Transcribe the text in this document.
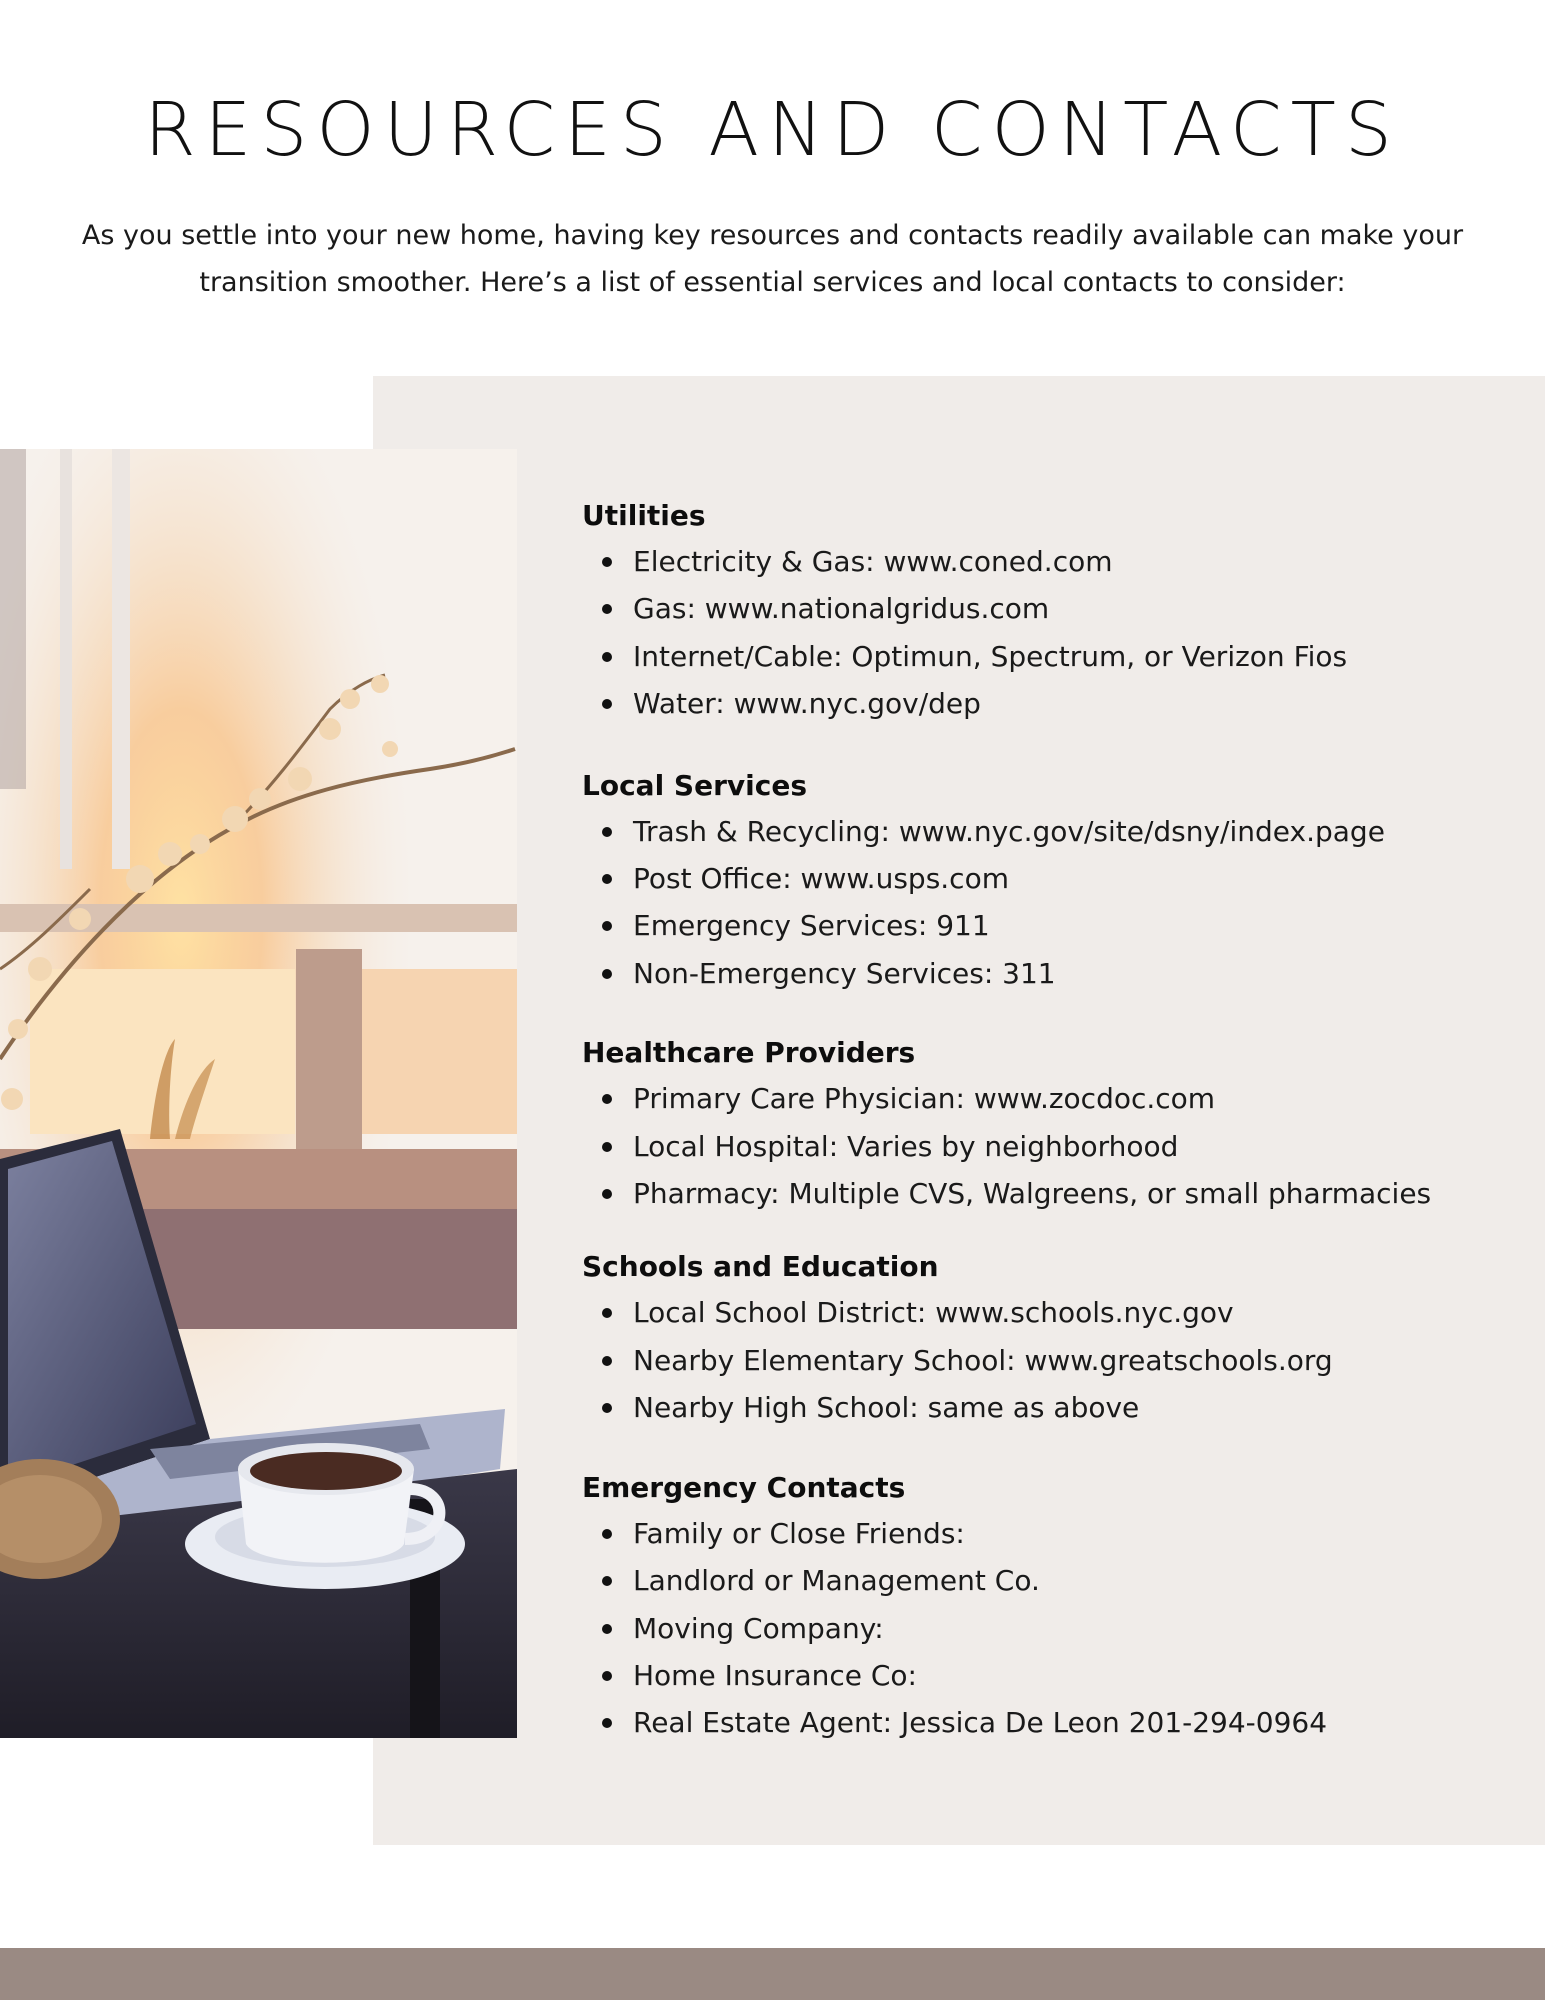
RESOURCES AND CONTACTS

As you settle into your new home, having key resources and contacts readily available can make your transition smoother. Here’s a list of essential services and local contacts to consider:

Utilities
Electricity & Gas: www.coned.com
Gas: www.nationalgridus.com
Internet/Cable: Optimun, Spectrum, or Verizon Fios
Water: www.nyc.gov/dep
Local Services
Trash & Recycling: www.nyc.gov/site/dsny/index.page
Post Office: www.usps.com
Emergency Services: 911
Non-Emergency Services: 311
Healthcare Providers
Primary Care Physician: www.zocdoc.com
Local Hospital: Varies by neighborhood
Pharmacy: Multiple CVS, Walgreens, or small pharmacies
Schools and Education
Local School District: www.schools.nyc.gov
Nearby Elementary School: www.greatschools.org
Nearby High School: same as above
Emergency Contacts
Family or Close Friends:
Landlord or Management Co.
Moving Company:
Home Insurance Co:
Real Estate Agent: Jessica De Leon 201-294-0964
